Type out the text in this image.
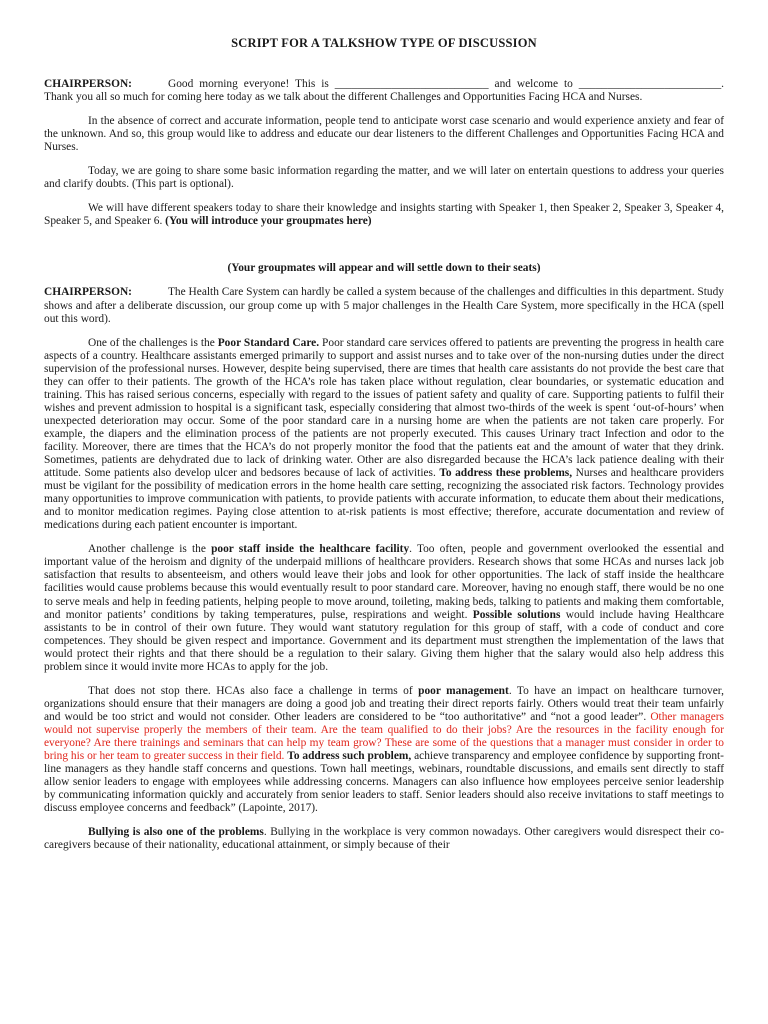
SCRIPT FOR A TALKSHOW TYPE OF DISCUSSION

CHAIRPERSON:	Good morning everyone! This is ___________________________ and welcome to _________________________. Thank you all so much for coming here today as we talk about the different Challenges and Opportunities Facing HCA and Nurses.

In the absence of correct and accurate information, people tend to anticipate worst case scenario and would experience anxiety and fear of the unknown. And so, this group would like to address and educate our dear listeners to the different Challenges and Opportunities Facing HCA and Nurses.

Today, we are going to share some basic information regarding the matter, and we will later on entertain questions to address your queries and clarify doubts. (This part is optional).

We will have different speakers today to share their knowledge and insights starting with Speaker 1, then Speaker 2, Speaker 3, Speaker 4, Speaker 5, and Speaker 6. (You will introduce your groupmates here)

(Your groupmates will appear and will settle down to their seats)

CHAIRPERSON:	The Health Care System can hardly be called a system because of the challenges and difficulties in this department. Study shows and after a deliberate discussion, our group come up with 5 major challenges in the Health Care System, more specifically in the HCA (spell out this word).

One of the challenges is the Poor Standard Care. Poor standard care services offered to patients are preventing the progress in health care aspects of a country. Healthcare assistants emerged primarily to support and assist nurses and to take over of the non-nursing duties under the direct supervision of the professional nurses. However, despite being supervised, there are times that health care assistants do not provide the best care that they can offer to their patients. The growth of the HCA’s role has taken place without regulation, clear boundaries, or systematic education and training. This has raised serious concerns, especially with regard to the issues of patient safety and quality of care. Supporting patients to fulfil their wishes and prevent admission to hospital is a significant task, especially considering that almost two-thirds of the week is spent ‘out-of-hours’ when unexpected deterioration may occur. Some of the poor standard care in a nursing home are when the patients are not taken care properly. For example, the diapers and the elimination process of the patients are not properly executed. This causes Urinary tract Infection and odor to the facility. Moreover, there are times that the HCA’s do not properly monitor the food that the patients eat and the amount of water that they drink. Sometimes, patients are dehydrated due to lack of drinking water. Other are also disregarded because the HCA’s lack patience dealing with their attitude. Some patients also develop ulcer and bedsores because of lack of activities. To address these problems, Nurses and healthcare providers must be vigilant for the possibility of medication errors in the home health care setting, recognizing the associated risk factors. Technology provides many opportunities to improve communication with patients, to provide patients with accurate information, to educate them about their medications, and to monitor medication regimes. Paying close attention to at-risk patients is most effective; therefore, accurate documentation and review of medications during each patient encounter is important.

Another challenge is the poor staff inside the healthcare facility. Too often, people and government overlooked the essential and important value of the heroism and dignity of the underpaid millions of healthcare providers. Research shows that some HCAs and nurses lack job satisfaction that results to absenteeism, and others would leave their jobs and look for other opportunities. The lack of staff inside the healthcare facilities would cause problems because this would eventually result to poor standard care. Moreover, having no enough staff, there would be no one to serve meals and help in feeding patients, helping people to move around, toileting, making beds, talking to patients and making them comfortable, and monitor patients’ conditions by taking temperatures, pulse, respirations and weight. Possible solutions would include having Healthcare assistants to be in control of their own future. They would want statutory regulation for this group of staff, with a code of conduct and core competences. They should be given respect and importance. Government and its department must strengthen the implementation of the laws that would protect their rights and that there should be a regulation to their salary. Giving them higher that the salary would also help address this problem since it would invite more HCAs to apply for the job.

That does not stop there. HCAs also face a challenge in terms of poor management. To have an impact on healthcare turnover, organizations should ensure that their managers are doing a good job and treating their direct reports fairly. Others would treat their team unfairly and would be too strict and would not consider. Other leaders are considered to be “too authoritative” and “not a good leader”. Other managers would not supervise properly the members of their team. Are the team qualified to do their jobs? Are the resources in the facility enough for everyone? Are there trainings and seminars that can help my team grow? These are some of the questions that a manager must consider in order to bring his or her team to greater success in their field. To address such problem, achieve transparency and employee confidence by supporting front-line managers as they handle staff concerns and questions. Town hall meetings, webinars, roundtable discussions, and emails sent directly to staff allow senior leaders to engage with employees while addressing concerns. Managers can also influence how employees perceive senior leadership by communicating information quickly and accurately from senior leaders to staff. Senior leaders should also receive invitations to staff meetings to discuss employee concerns and feedback” (Lapointe, 2017).

Bullying is also one of the problems. Bullying in the workplace is very common nowadays. Other caregivers would disrespect their co-caregivers because of their nationality, educational attainment, or simply because of their
